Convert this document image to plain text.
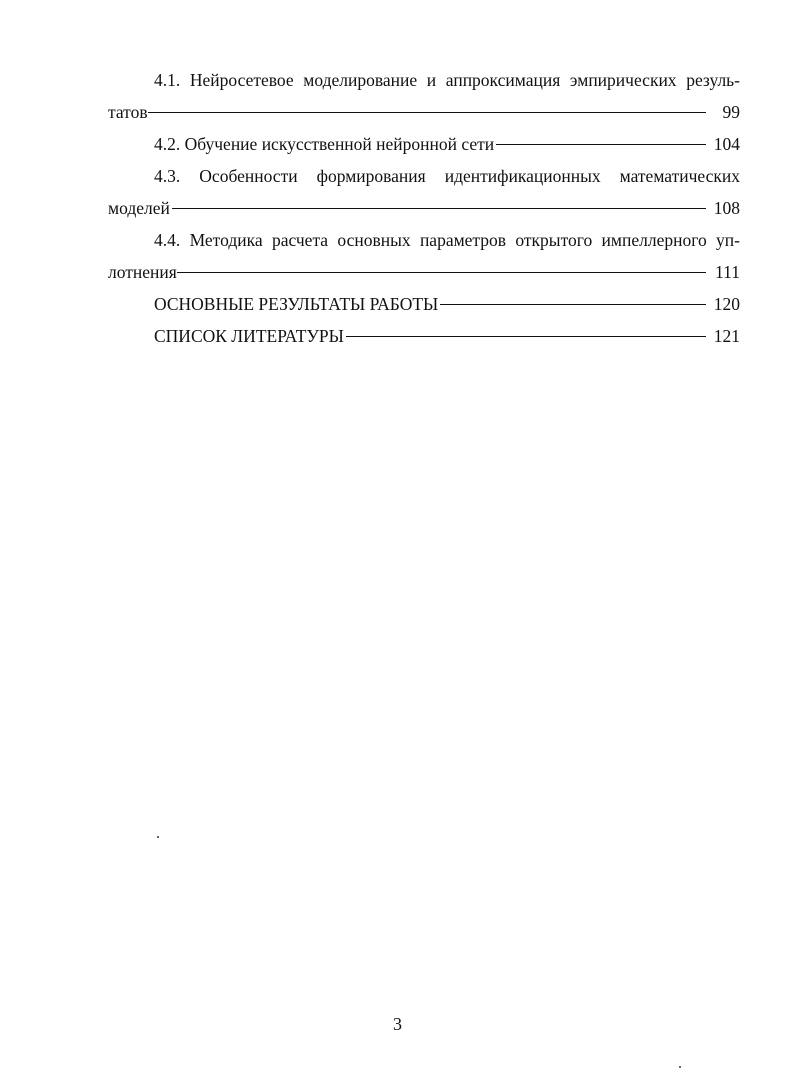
4.1. Нейросетевое моделирование и аппроксимация эмпирических резуль-
татов	99
4.2. Обучение искусственной нейронной сети	104
4.3. Особенности формирования идентификационных математических
моделей	108
4.4. Методика расчета основных параметров открытого импеллерного уп-
лотнения	111
ОСНОВНЫЕ РЕЗУЛЬТАТЫ РАБОТЫ	120
СПИСОК ЛИТЕРАТУРЫ	121
3
